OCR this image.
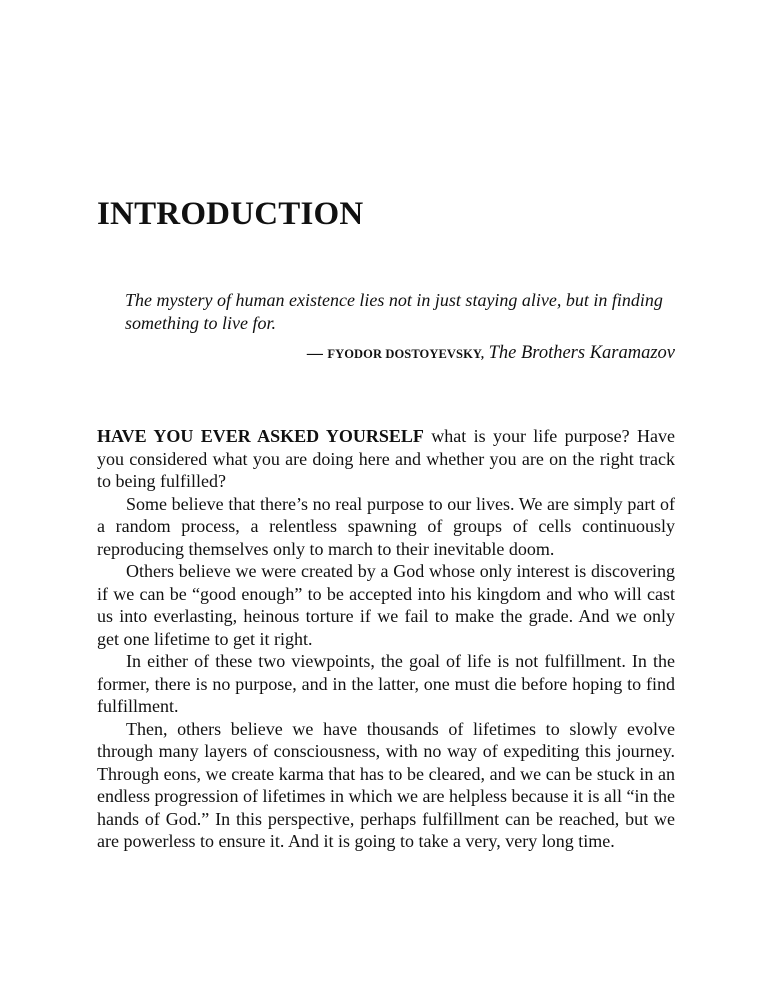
INTRODUCTION

The mystery of human existence lies not in just staying alive, but in finding something to live for.

— FYODOR DOSTOYEVSKY, The Brothers Karamazov

HAVE YOU EVER ASKED YOURSELF what is your life purpose? Have you considered what you are doing here and whether you are on the right track to being fulfilled?

Some believe that there’s no real purpose to our lives. We are simply part of a random process, a relentless spawning of groups of cells continuously reproducing themselves only to march to their inevitable doom.

Others believe we were created by a God whose only interest is discovering if we can be “good enough” to be accepted into his kingdom and who will cast us into everlasting, heinous torture if we fail to make the grade. And we only get one lifetime to get it right.

In either of these two viewpoints, the goal of life is not fulfillment. In the former, there is no purpose, and in the latter, one must die before hoping to find fulfillment.

Then, others believe we have thousands of lifetimes to slowly evolve through many layers of consciousness, with no way of expediting this journey. Through eons, we create karma that has to be cleared, and we can be stuck in an endless progression of lifetimes in which we are helpless because it is all “in the hands of God.” In this perspective, perhaps fulfillment can be reached, but we are powerless to ensure it. And it is going to take a very, very long time.
